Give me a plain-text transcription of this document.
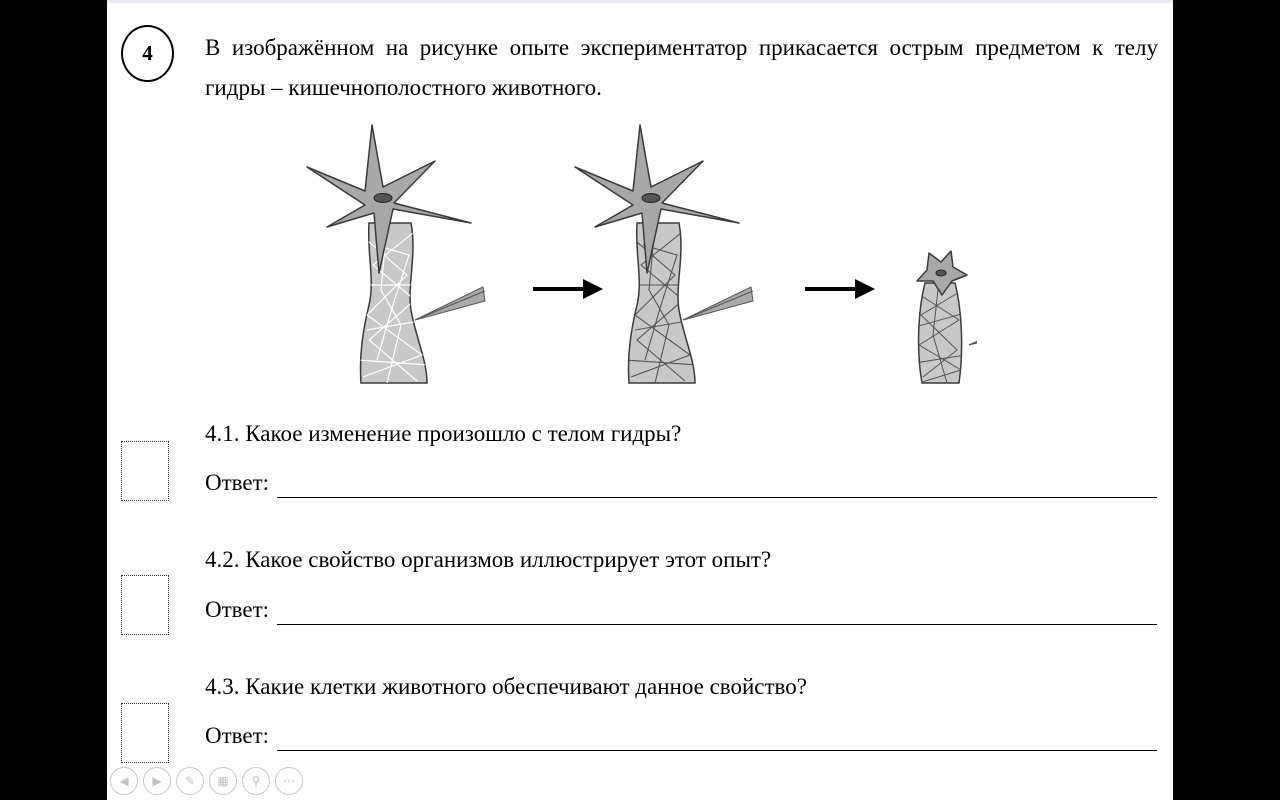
4 В изображённом на рисунке опыте экспериментатор прикасается острым предметом к телу гидры – кишечнополостного животного.

4.1. Какое изменение произошло с телом гидры?
Ответ:
4.2. Какое свойство организмов иллюстрирует этот опыт?
Ответ:
4.3. Какие клетки животного обеспечивают данное свойство?
Ответ:
◀	▶	✎	▦	⚲	⋯
